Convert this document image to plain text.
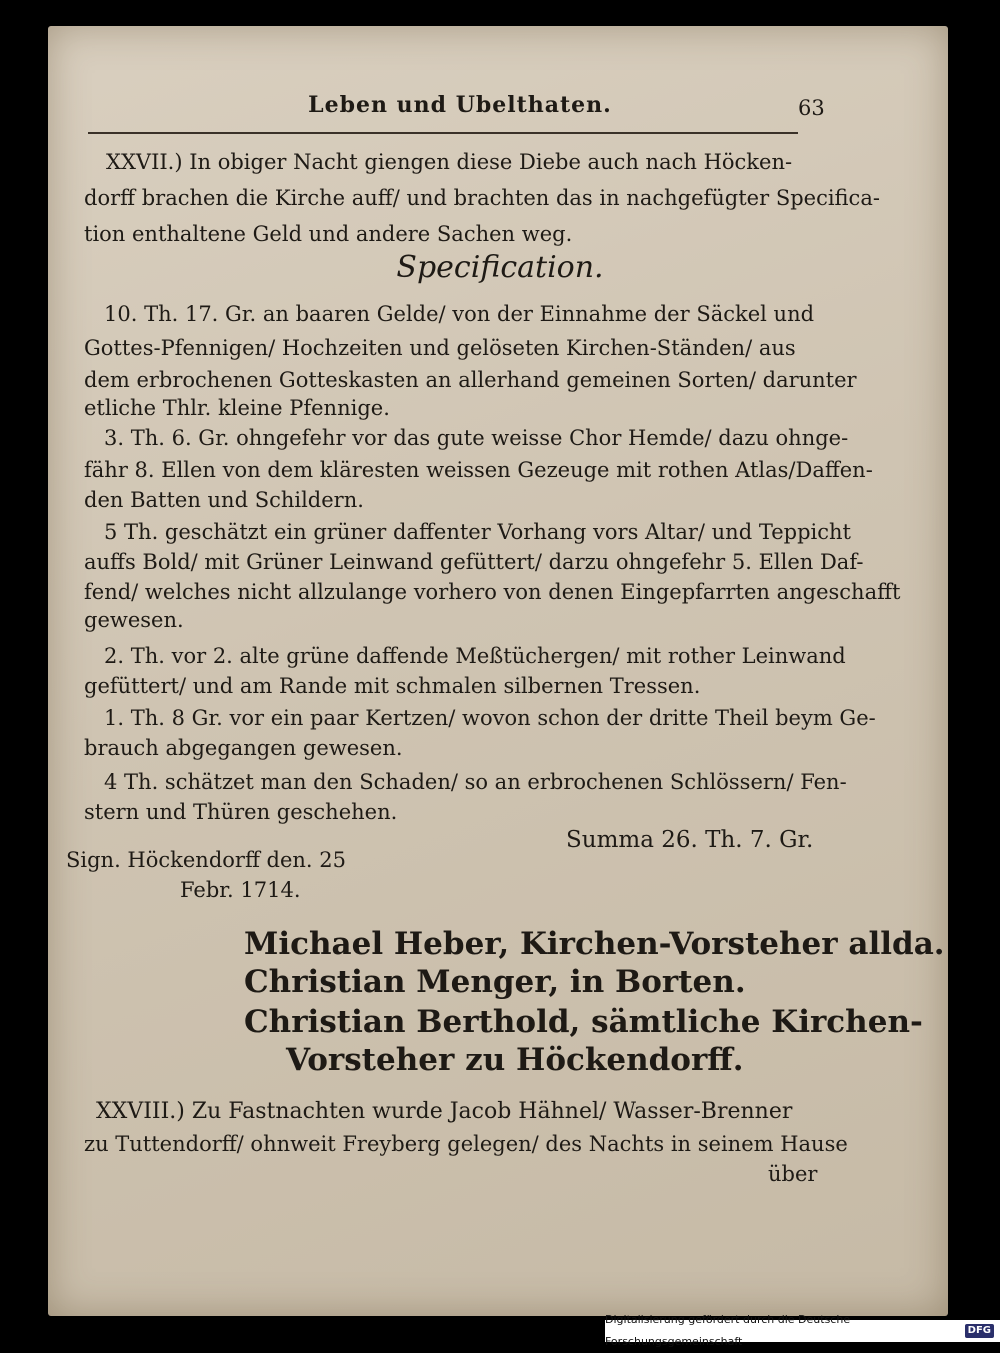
Leben und Ubelthaten.	63
XXVII.) In obiger Nacht giengen diese Diebe auch nach Höcken-
dorff brachen die Kirche auff/ und brachten das in nachgefügter Specifica-
tion enthaltene Geld und andere Sachen weg.
Specification.
10. Th. 17. Gr. an baaren Gelde/ von der Einnahme der Säckel und
Gottes-Pfennigen/ Hochzeiten und gelöseten Kirchen-Ständen/ aus
dem erbrochenen Gotteskasten an allerhand gemeinen Sorten/ darunter
etliche Thlr. kleine Pfennige.
3. Th. 6. Gr. ohngefehr vor das gute weisse Chor Hemde/ dazu ohnge-
fähr 8. Ellen von dem kläresten weissen Gezeuge mit rothen Atlas/Daffen-
den Batten und Schildern.
5 Th. geschätzt ein grüner daffenter Vorhang vors Altar/ und Teppicht
auffs Bold/ mit Grüner Leinwand gefüttert/ darzu ohngefehr 5. Ellen Daf-
fend/ welches nicht allzulange vorhero von denen Eingepfarrten angeschafft
gewesen.
2. Th. vor 2. alte grüne daffende Meßtüchergen/ mit rother Leinwand
gefüttert/ und am Rande mit schmalen silbernen Tressen.
1. Th. 8 Gr. vor ein paar Kertzen/ wovon schon der dritte Theil beym Ge-
brauch abgegangen gewesen.
4 Th. schätzet man den Schaden/ so an erbrochenen Schlössern/ Fen-
stern und Thüren geschehen.
Summa 26. Th. 7. Gr.
Sign. Höckendorff den. 25
Febr. 1714.
Michael Heber, Kirchen-Vorsteher allda.
Christian Menger, in Borten.
Christian Berthold, sämtliche Kirchen-
Vorsteher zu Höckendorff.
XXVIII.) Zu Fastnachten wurde Jacob Hähnel/ Wasser-Brenner
zu Tuttendorff/ ohnweit Freyberg gelegen/ des Nachts in seinem Hause
über
Digitalisierung gefördert durch die Deutsche Forschungsgemeinschaft
DFG
